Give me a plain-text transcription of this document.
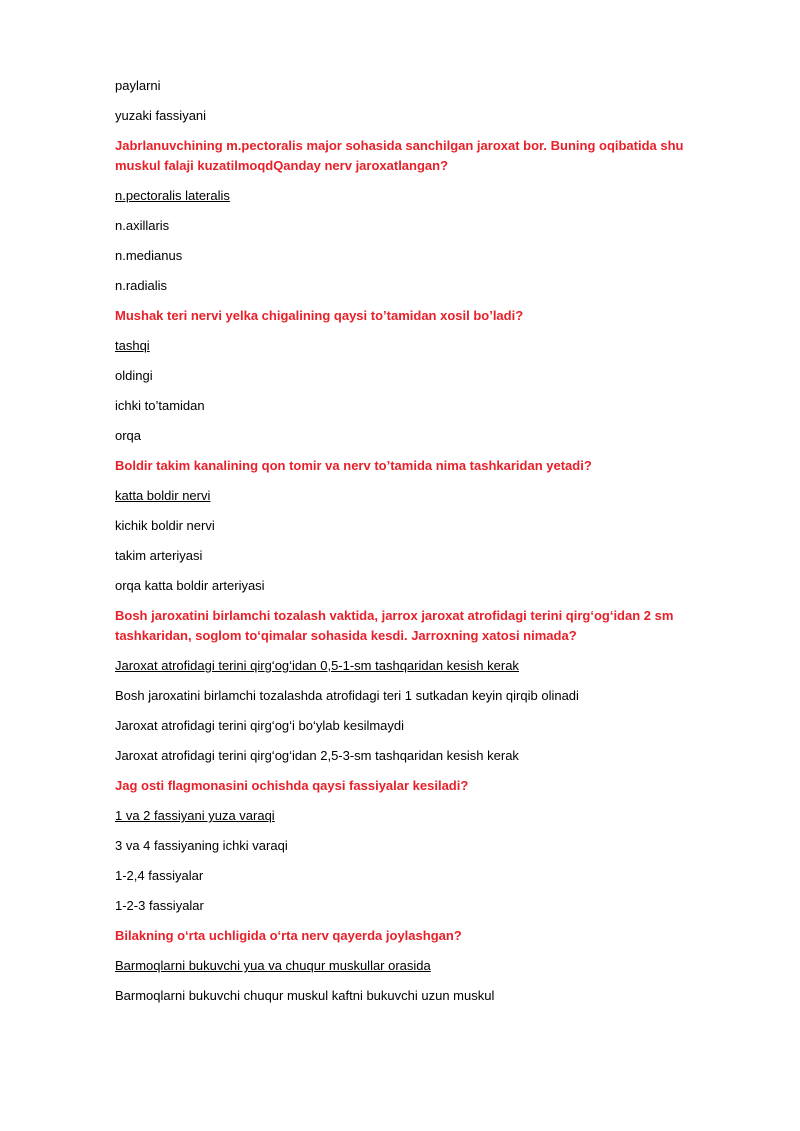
paylarni
yuzaki fassiyani
Jabrlanuvchining m.pectoralis major sohasida sanchilgan jaroxat bor. Buning oqibatida shu muskul falaji kuzatilmoqdQanday nerv jaroxatlangan?
n.pectoralis lateralis
n.axillaris
n.medianus
n.radialis
Mushak teri nervi yelka chigalining qaysi to’tamidan xosil bo’ladi?
tashqi
oldingi
ichki to’tamidan
orqa
Boldir takim kanalining qon tomir va nerv to’tamida nima tashkaridan yetadi?
katta boldir nervi
kichik boldir nervi
takim arteriyasi
orqa katta boldir arteriyasi
Bosh jaroxatini birlamchi tozalash vaktida, jarrox jaroxat atrofidagi terini qirg‘og‘idan 2 sm tashkaridan, soglom to‘qimalar sohasida kesdi. Jarroxning xatosi nimada?
Jaroxat atrofidagi terini qirg‘og‘idan 0,5-1-sm tashqaridan kesish kerak
Bosh jaroxatini birlamchi tozalashda atrofidagi teri 1 sutkadan keyin qirqib olinadi
Jaroxat atrofidagi terini qirg‘og‘i bo‘ylab kesilmaydi
Jaroxat atrofidagi terini qirg‘og‘idan 2,5-3-sm tashqaridan kesish kerak
Jag osti flagmonasini ochishda qaysi fassiyalar kesiladi?
1 va 2 fassiyani yuza varaqi
3 va 4 fassiyaning ichki varaqi
1-2,4 fassiyalar
1-2-3 fassiyalar
Bilakning o‘rta uchligida o‘rta nerv qayerda joylashgan?
Barmoqlarni bukuvchi yua va chuqur muskullar orasida
Barmoqlarni bukuvchi chuqur muskul kaftni bukuvchi uzun muskul
